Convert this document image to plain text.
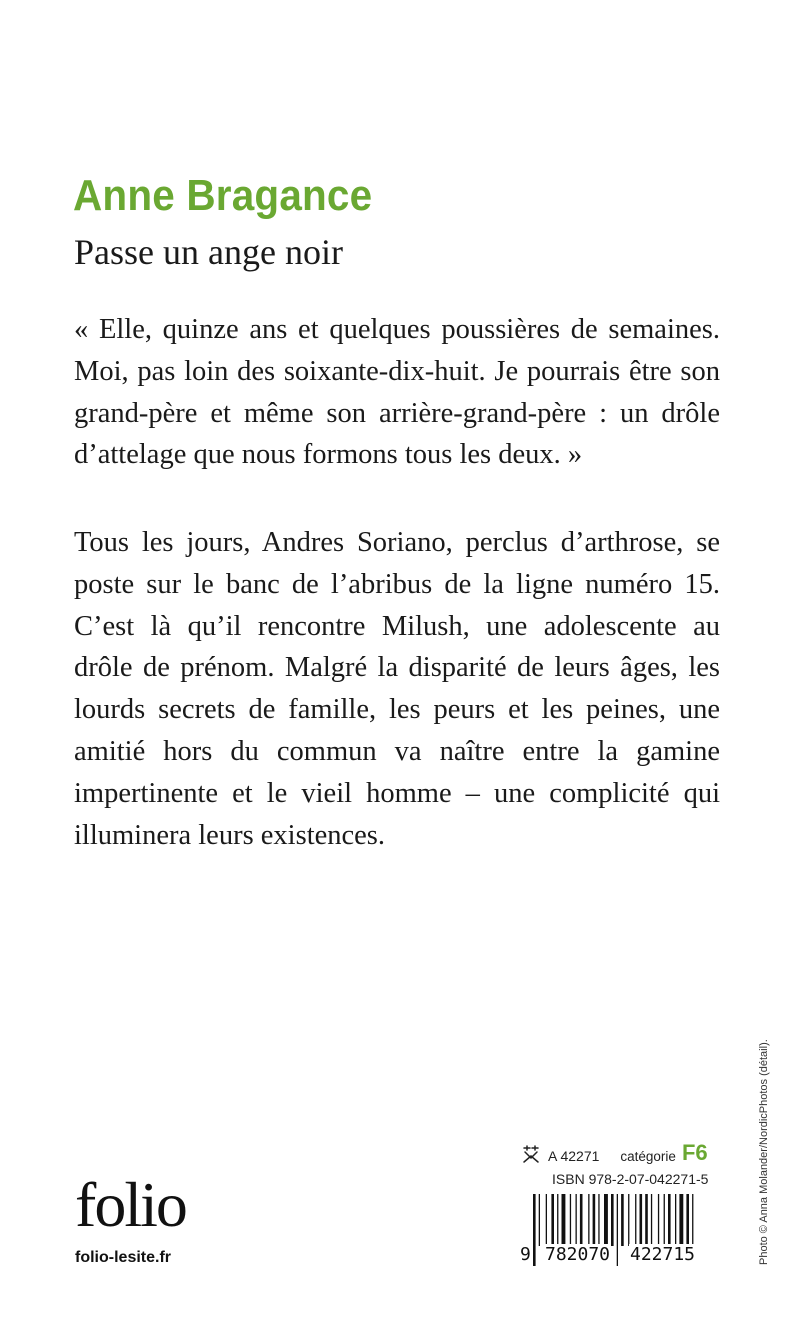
Anne Bragance
Passe un ange noir

« Elle, quinze ans et quelques poussières de semaines. Moi, pas loin des soixante-dix-huit. Je pourrais être son grand-père et même son arrière-grand-père : un drôle d’attelage que nous formons tous les deux. »

Tous les jours, Andres Soriano, perclus d’arthrose, se poste sur le banc de l’abribus de la ligne numéro 15. C’est là qu’il rencontre Milush, une adolescente au drôle de prénom. Malgré la disparité de leurs âges, les lourds secrets de famille, les peurs et les peines, une amitié hors du commun va naître entre la gamine impertinente et le vieil homme – une complicité qui illuminera leurs existences.

Photo © Anna Molander/NordicPhotos (détail).
folio
folio-lesite.fr
A 42271 catégorie F6
ISBN 978-2-07-042271-5
9 782070 422715
